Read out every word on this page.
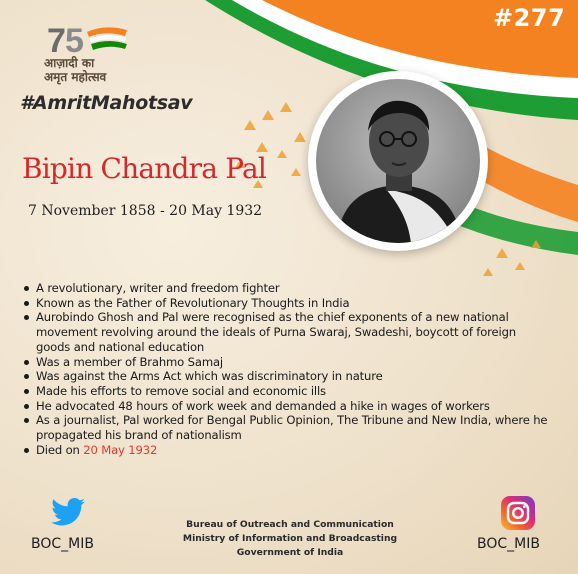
#277
7 5
आज़ादी का
अमृत महोत्सव
#AmritMahotsav
Bipin Chandra Pal
7 November 1858 - 20 May 1932
A revolutionary, writer and freedom fighter
Known as the Father of Revolutionary Thoughts in India
Aurobindo Ghosh and Pal were recognised as the chief exponents of a new national movement revolving around the ideals of Purna Swaraj, Swadeshi, boycott of foreign goods and national education
Was a member of Brahmo Samaj
Was against the Arms Act which was discriminatory in nature
Made his efforts to remove social and economic ills
He advocated 48 hours of work week and demanded a hike in wages of workers
As a journalist, Pal worked for Bengal Public Opinion, The Tribune and New India, where he propagated his brand of nationalism
Died on 20 May 1932
BOC_MIB
Bureau of Outreach and Communication
Ministry of Information and Broadcasting
Government of India
BOC_MIB
